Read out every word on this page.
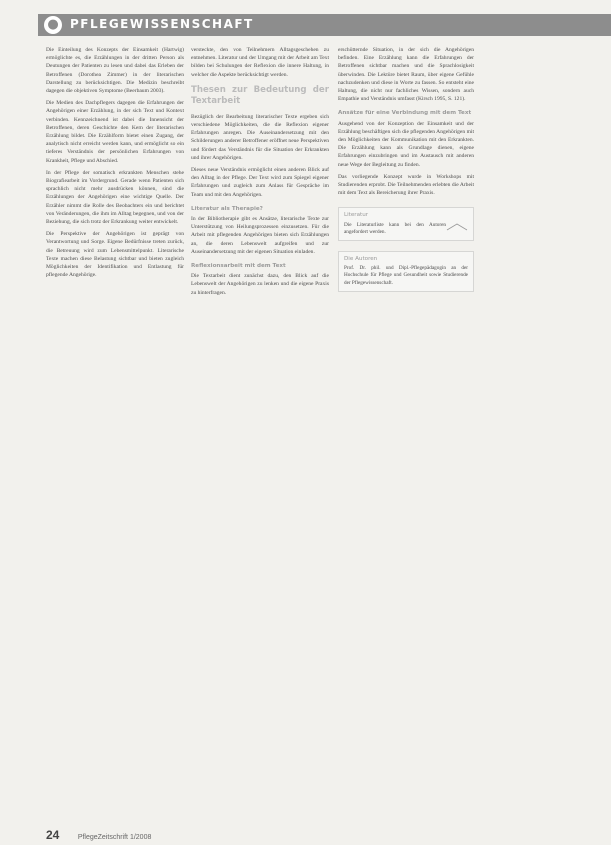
● PFLEGEWISSENSCHAFT

Die Einteilung des Konzepts der Einsamkeit (Hartwig) ermöglichte es, die Erzählungen in der dritten Person als Deutungen der Patienten zu lesen und dabei das Erleben der Betroffenen (Dorothea Zimmer) in der literarischen Darstellung zu berücksichtigen. Die Medizin beschreibt dagegen die objektiven Symptome (Beerbaum 2003).

Die Medien des Dachpflegers dagegen die Erfahrungen der Angehörigen einer Erzählung, in der sich Text und Kontext verbinden. Kennzeichnend ist dabei die Innensicht der Betroffenen, deren Geschichte den Kern der literarischen Erzählung bildet. Die Erzählform bietet einen Zugang, der analytisch nicht erreicht werden kann, und ermöglicht so ein tieferes Verständnis der persönlichen Erfahrungen von Krankheit, Pflege und Abschied.

In der Pflege der somatisch erkrankten Menschen stehe Biografiearbeit im Vordergrund. Gerade wenn Patienten sich sprachlich nicht mehr ausdrücken können, sind die Erzählungen der Angehörigen eine wichtige Quelle. Der Erzähler nimmt die Rolle des Beobachters ein und berichtet von Veränderungen, die ihm im Alltag begegnen, und von der Beziehung, die sich trotz der Erkrankung weiter entwickelt.

Die Perspektive der Angehörigen ist geprägt von Verantwortung und Sorge. Eigene Bedürfnisse treten zurück, die Betreuung wird zum Lebensmittelpunkt. Literarische Texte machen diese Belastung sichtbar und bieten zugleich Möglichkeiten der Identifikation und Entlastung für pflegende Angehörige.

versteckte, den von Teilnehmern Alltagsgeschehen zu entnehmen. Literatur und der Umgang mit der Arbeit am Text bilden bei Schulungen der Reflexion die innere Haltung, in welcher die Aspekte berücksichtigt werden.

Thesen zur Bedeutung der Textarbeit

Bezüglich der Bearbeitung literarischer Texte ergeben sich verschiedene Möglichkeiten, die die Reflexion eigener Erfahrungen anregen. Die Auseinandersetzung mit den Schilderungen anderer Betroffener eröffnet neue Perspektiven und fördert das Verständnis für die Situation der Erkrankten und ihrer Angehörigen.

Dieses neue Verständnis ermöglicht einen anderen Blick auf den Alltag in der Pflege. Der Text wird zum Spiegel eigener Erfahrungen und zugleich zum Anlass für Gespräche im Team und mit den Angehörigen.

Literatur als Therapie?

In der Bibliotherapie gibt es Ansätze, literarische Texte zur Unterstützung von Heilungsprozessen einzusetzen. Für die Arbeit mit pflegenden Angehörigen bieten sich Erzählungen an, die deren Lebenswelt aufgreifen und zur Auseinandersetzung mit der eigenen Situation einladen.

Reflexionsarbeit mit dem Text

Die Textarbeit dient zunächst dazu, den Blick auf die Lebenswelt der Angehörigen zu lenken und die eigene Praxis zu hinterfragen.

erschütternde Situation, in der sich die Angehörigen befinden. Eine Erzählung kann die Erfahrungen der Betroffenen sichtbar machen und die Sprachlosigkeit überwinden. Die Lektüre bietet Raum, über eigene Gefühle nachzudenken und diese in Worte zu fassen. So entsteht eine Haltung, die nicht nur fachliches Wissen, sondern auch Empathie und Verständnis umfasst (Kirsch 1995, S. 121).

Ansätze für eine Verbindung mit dem Text

Ausgehend von der Konzeption der Einsamkeit und der Erzählung beschäftigen sich die pflegenden Angehörigen mit den Möglichkeiten der Kommunikation mit den Erkrankten. Die Erzählung kann als Grundlage dienen, eigene Erfahrungen einzubringen und im Austausch mit anderen neue Wege der Begleitung zu finden.

Das vorliegende Konzept wurde in Workshops mit Studierenden erprobt. Die Teilnehmenden erlebten die Arbeit mit dem Text als Bereicherung ihrer Praxis.

Literatur
Die Literaturliste kann bei den Autoren angefordert werden.
Die Autoren
Prof. Dr. phil. und Dipl.-Pflegepädagogin an der Hochschule für Pflege und Gesundheit sowie Studierende der Pflegewissenschaft.
24	PflegeZeitschrift 1/2008
